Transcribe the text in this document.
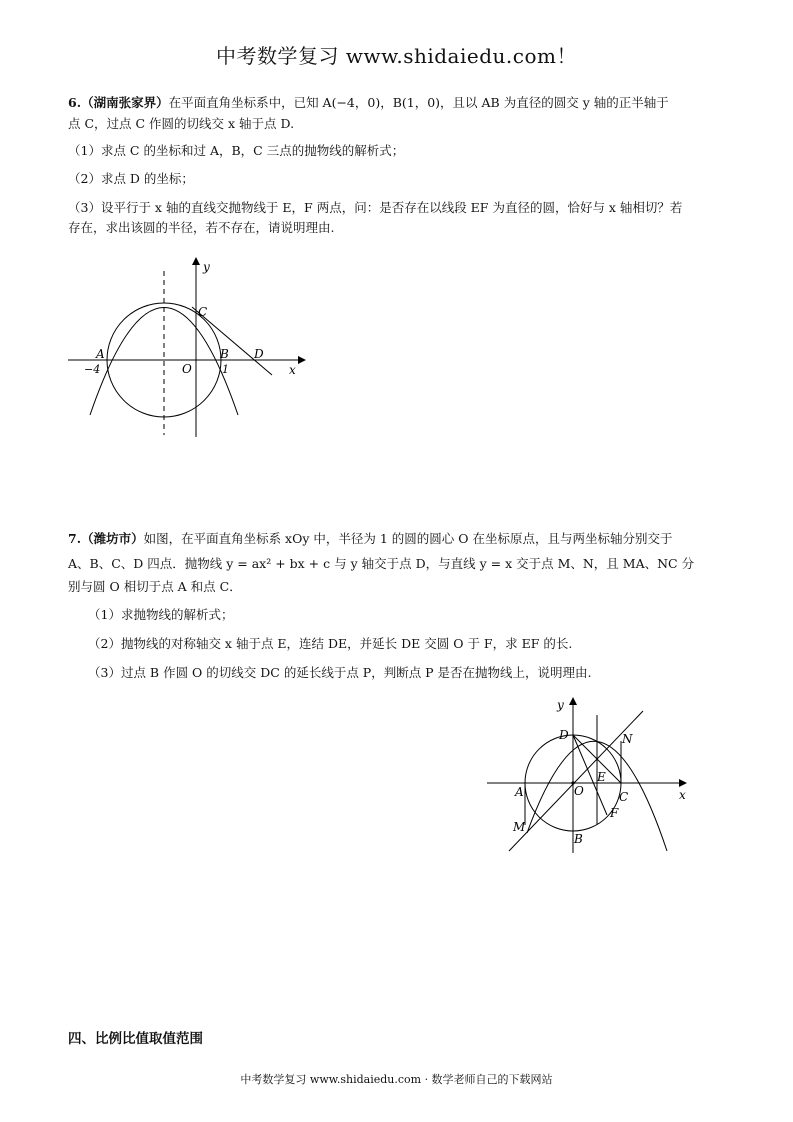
中考数学复习 www.shidaiedu.com！
6.（湖南张家界）在平面直角坐标系中，已知 A(−4，0)，B(1，0)，且以 AB 为直径的圆交 y 轴的正半轴于
点 C，过点 C 作圆的切线交 x 轴于点 D.
（1）求点 C 的坐标和过 A，B，C 三点的抛物线的解析式；
（2）求点 D 的坐标；
（3）设平行于 x 轴的直线交抛物线于 E，F 两点，问：是否存在以线段 EF 为直径的圆，恰好与 x 轴相切？若
存在，求出该圆的半径，若不存在，请说明理由.
y
x
C
A	B D
O
−4	1
7.（潍坊市）如图，在平面直角坐标系 xOy 中，半径为 1 的圆的圆心 O 在坐标原点，且与两坐标轴分别交于
A、B、C、D 四点．抛物线 y = ax² + bx + c 与 y 轴交于点 D，与直线 y = x 交于点 M、N，且 MA、NC 分
别与圆 O 相切于点 A 和点 C．
（1）求抛物线的解析式；
（2）抛物线的对称轴交 x 轴于点 E，连结 DE，并延长 DE 交圆 O 于 F，求 EF 的长.
（3）过点 B 作圆 O 的切线交 DC 的延长线于点 P，判断点 P 是否在抛物线上，说明理由.
y
x
D	N
E
O
A	C
F
M
B
四、比例比值取值范围
中考数学复习 www.shidaiedu.com · 数学老师自己的下载网站
